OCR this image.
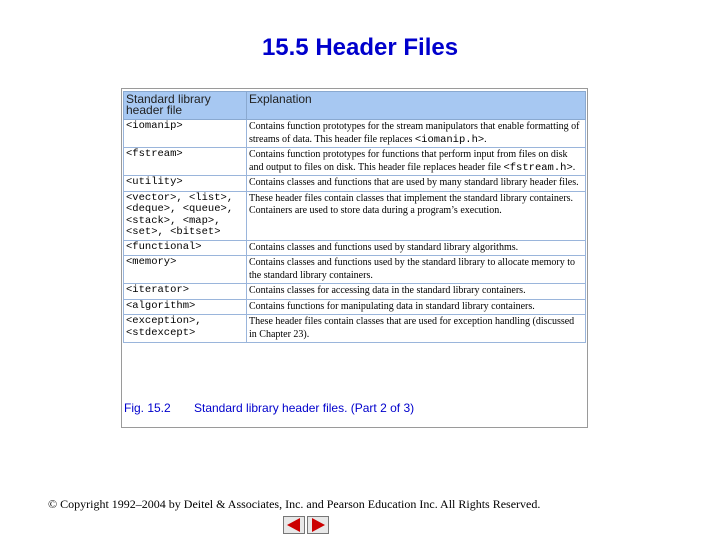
15.5 Header Files
Standard library header file	Explanation
<iomanip>	Contains function prototypes for the stream manipulators that enable formatting of streams of data. This header file replaces <iomanip.h>.
<fstream>	Contains function prototypes for functions that perform input from files on disk and output to files on disk. This header file replaces header file <fstream.h>.
<utility>	Contains classes and functions that are used by many standard library header files.
<vector>, <list>, <deque>, <queue>, <stack>, <map>, <set>, <bitset>	These header files contain classes that implement the standard library containers. Containers are used to store data during a program’s execution.
<functional>	Contains classes and functions used by standard library algorithms.
<memory>	Contains classes and functions used by the standard library to allocate memory to the standard library containers.
<iterator>	Contains classes for accessing data in the standard library containers.
<algorithm>	Contains functions for manipulating data in standard library containers.
<exception>, <stdexcept>	These header files contain classes that are used for exception handling (discussed in Chapter 23).
Fig. 15.2 Standard library header files. (Part 2 of 3)
© Copyright 1992–2004 by Deitel & Associates, Inc. and Pearson Education Inc. All Rights Reserved.
